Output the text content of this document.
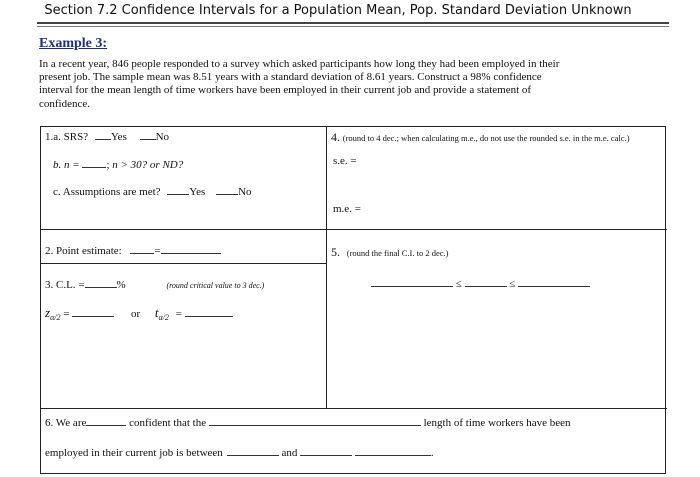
Section 7.2 Confidence Intervals for a Population Mean, Pop. Standard Deviation Unknown
Example 3:
In a recent year, 846 people responded to a survey which asked participants how long they had been employed in their
present job. The sample mean was 8.51 years with a standard deviation of 8.61 years. Construct a 98% confidence
interval for the mean length of time workers have been employed in their current job and provide a statement of
confidence.
1.a. SRS? Yes	No
b. n = ; n > 30? or ND?
c. Assumptions are met?	Yes	No
2. Point estimate:	=
3. C.L. =	%	(round critical value to 3 dec.)
$z_{\alpha/2}$ =	or $t_{\alpha/2}$ =
4. (round to 4 dec.; when calculating m.e., do not use the rounded s.e. in the m.e. calc.)
s.e. =
m.e. =
5. (round the final C.I. to 2 dec.)
≤	≤
6. We are	confident that the	length of time workers have been
employed in their current job is between	and	.
